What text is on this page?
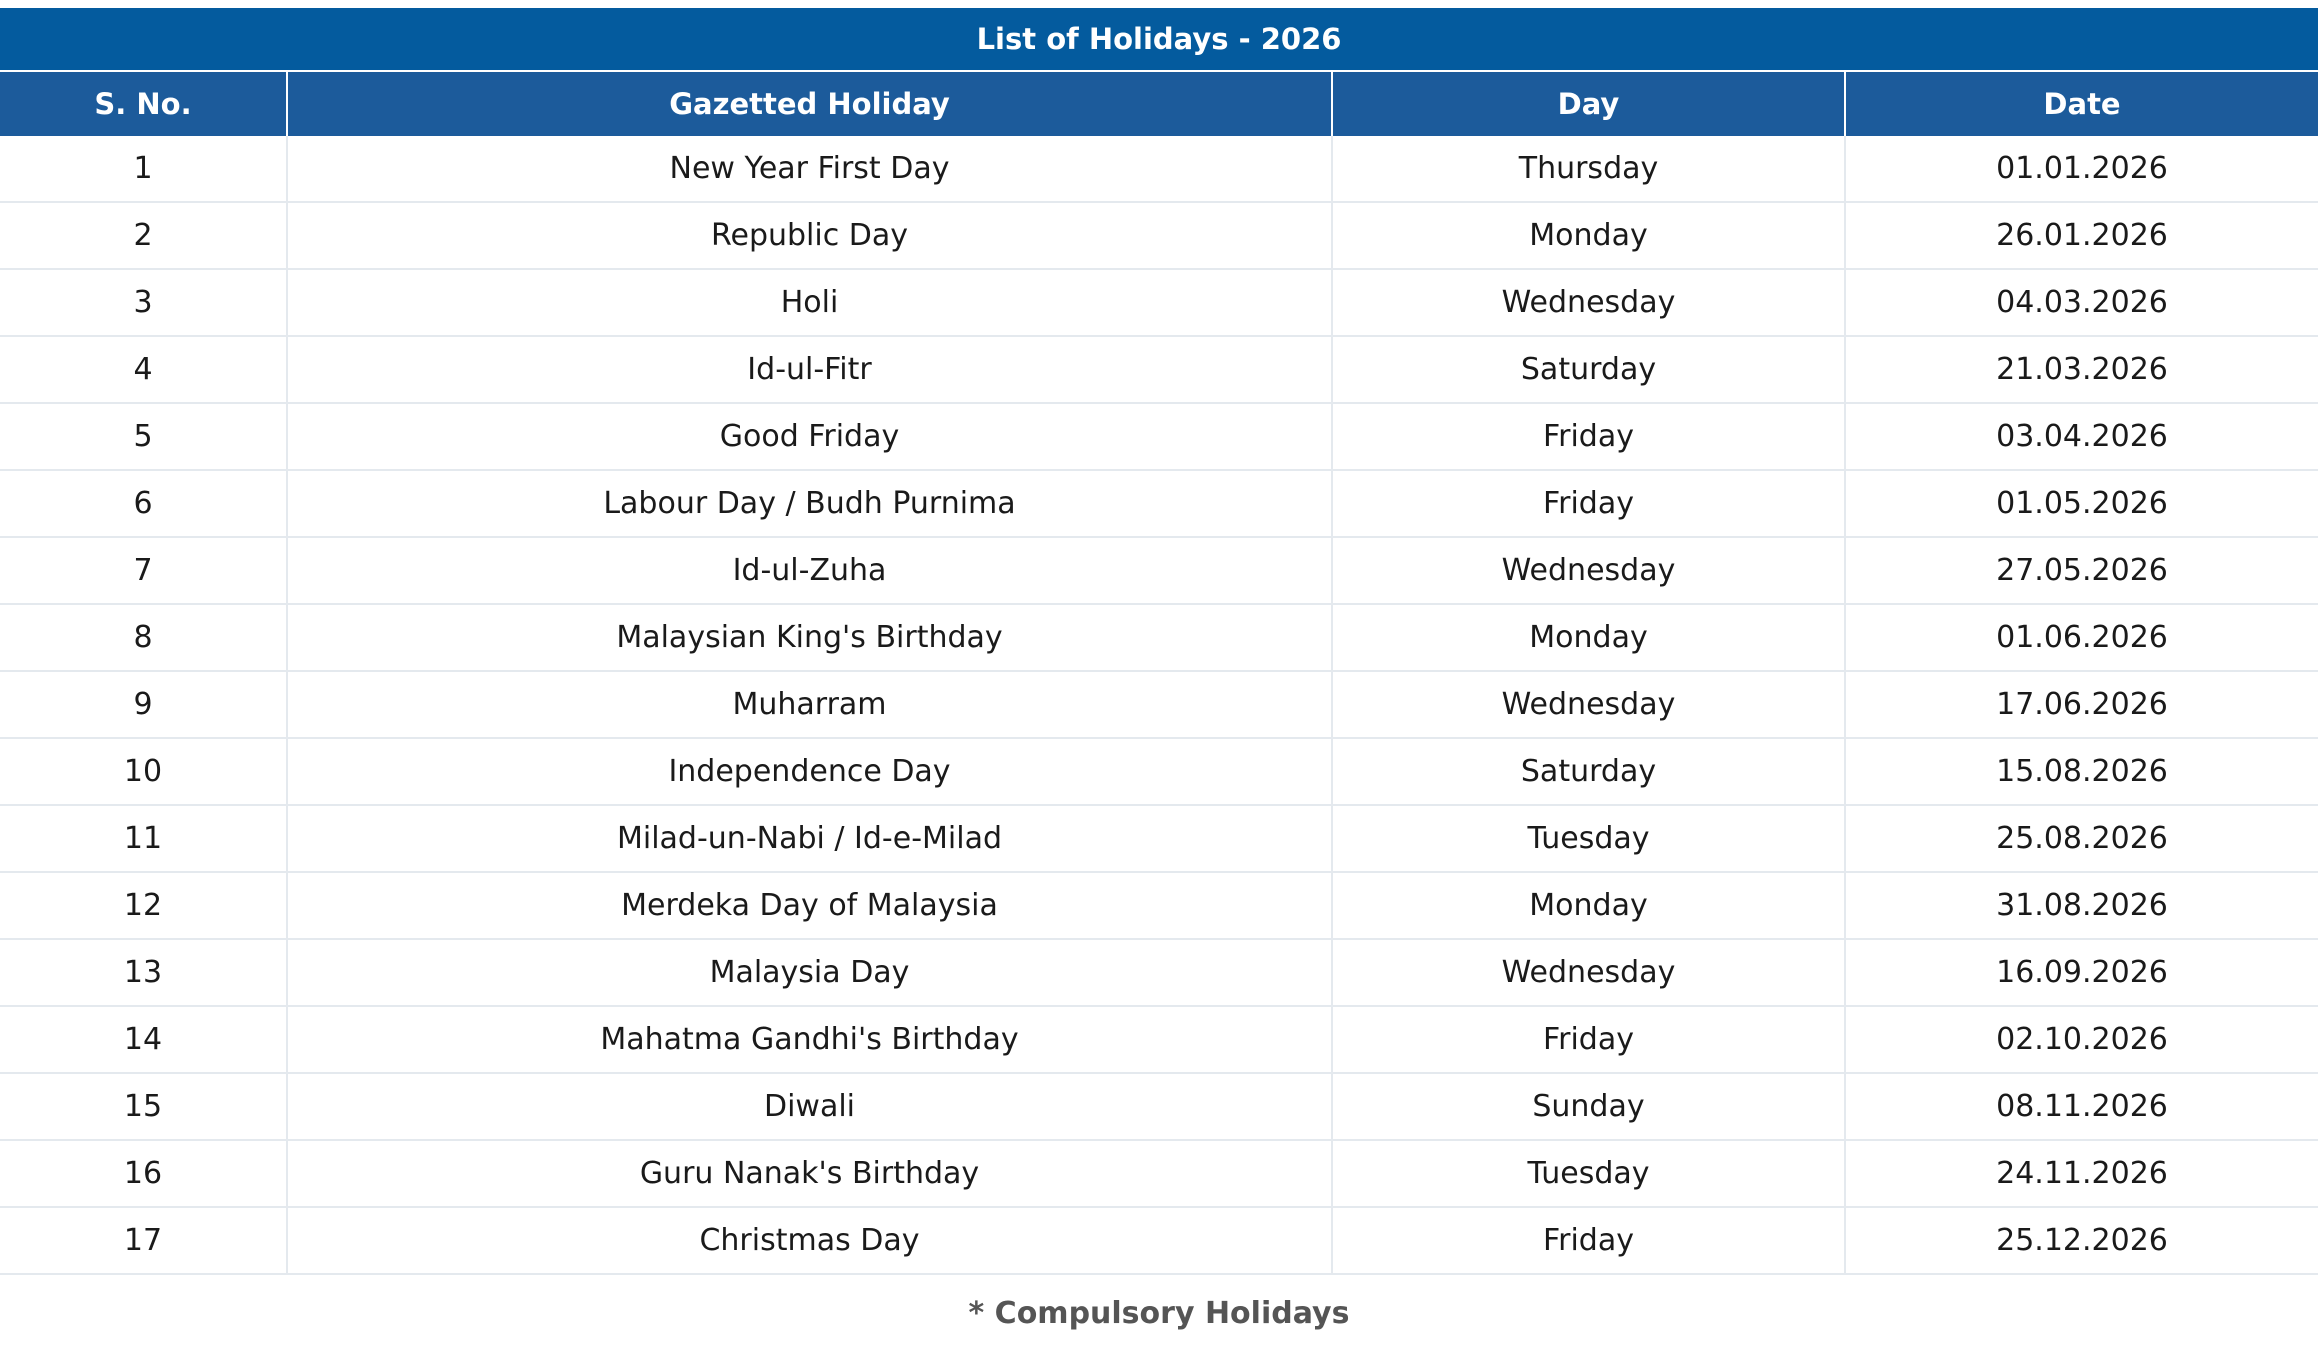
List of Holidays - 2026			
S. No.	Gazetted Holiday	Day	Date
1	New Year First Day	Thursday	01.01.2026
2	Republic Day	Monday	26.01.2026
3	Holi	Wednesday	04.03.2026
4	Id-ul-Fitr	Saturday	21.03.2026
5	Good Friday	Friday	03.04.2026
6	Labour Day / Budh Purnima	Friday	01.05.2026
7	Id-ul-Zuha	Wednesday	27.05.2026
8	Malaysian King's Birthday	Monday	01.06.2026
9	Muharram	Wednesday	17.06.2026
10	Independence Day	Saturday	15.08.2026
11	Milad-un-Nabi / Id-e-Milad	Tuesday	25.08.2026
12	Merdeka Day of Malaysia	Monday	31.08.2026
13	Malaysia Day	Wednesday	16.09.2026
14	Mahatma Gandhi's Birthday	Friday	02.10.2026
15	Diwali	Sunday	08.11.2026
16	Guru Nanak's Birthday	Tuesday	24.11.2026
17	Christmas Day	Friday	25.12.2026
* Compulsory Holidays
